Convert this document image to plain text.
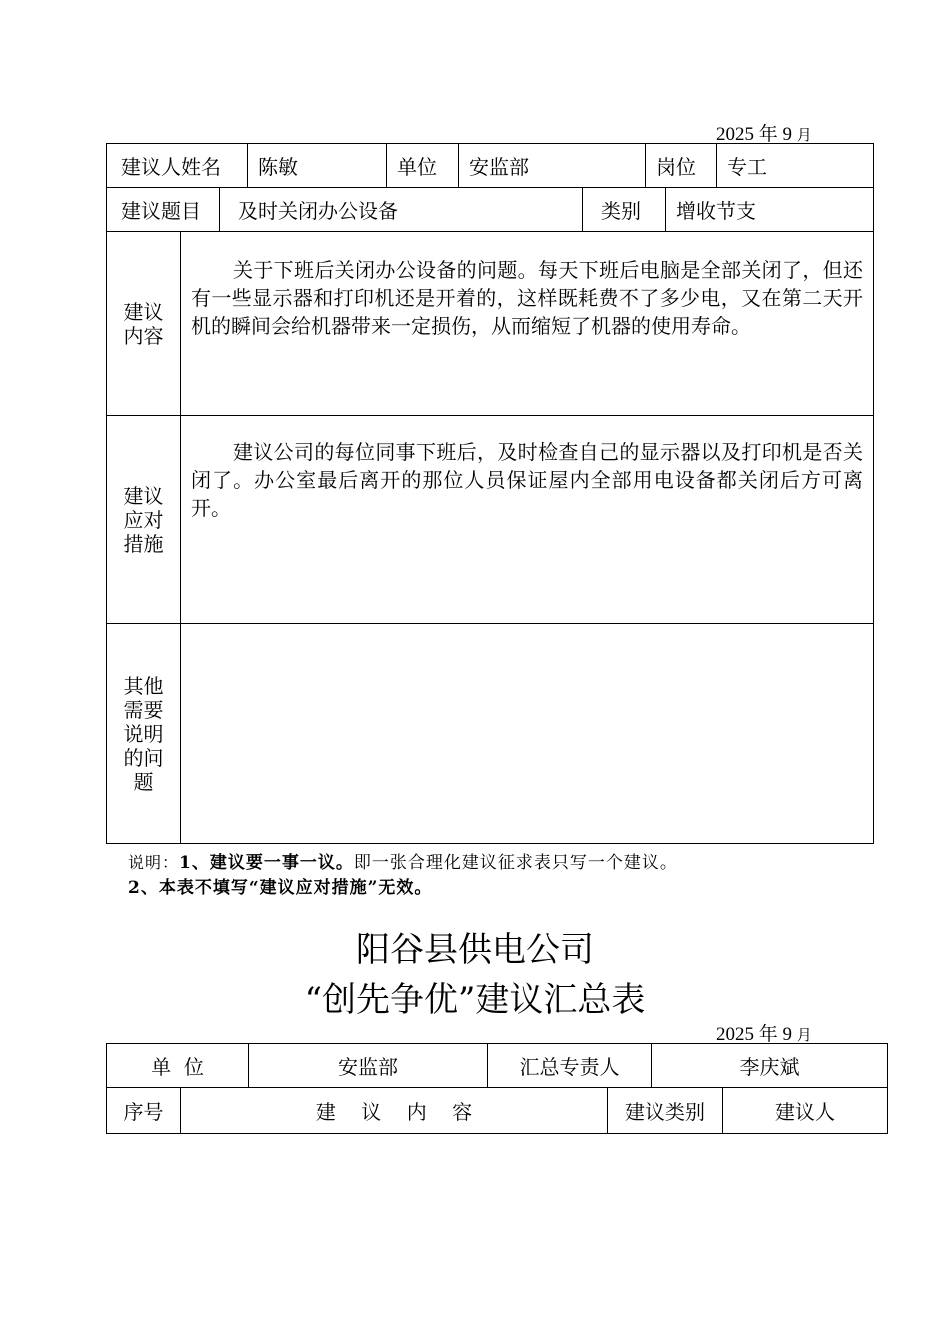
2025 年 9 月
建议人姓名	陈敏	单位	安监部	岗位	专工
建议题目	及时关闭办公设备	类别	增收节支
建议内容	关于下班后关闭办公设备的问题。每天下班后电脑是全部关闭了，但还有一些显示器和打印机还是开着的，这样既耗费不了多少电，又在第二天开机的瞬间会给机器带来一定损伤，从而缩短了机器的使用寿命。

建议应对措施	建议公司的每位同事下班后，及时检查自己的显示器以及打印机是否关闭了。办公室最后离开的那位人员保证屋内全部用电设备都关闭后方可离开。

其他需要说明的问题	

说明：1、建议要一事一议。即一张合理化建议征求表只写一个建议。
2、本表不填写“建议应对措施”无效。
阳谷县供电公司
“创先争优”建议汇总表
2025 年 9 月
单  位	安监部	汇总专责人	李庆斌
序号	建    议    内    容	建议类别	建议人
